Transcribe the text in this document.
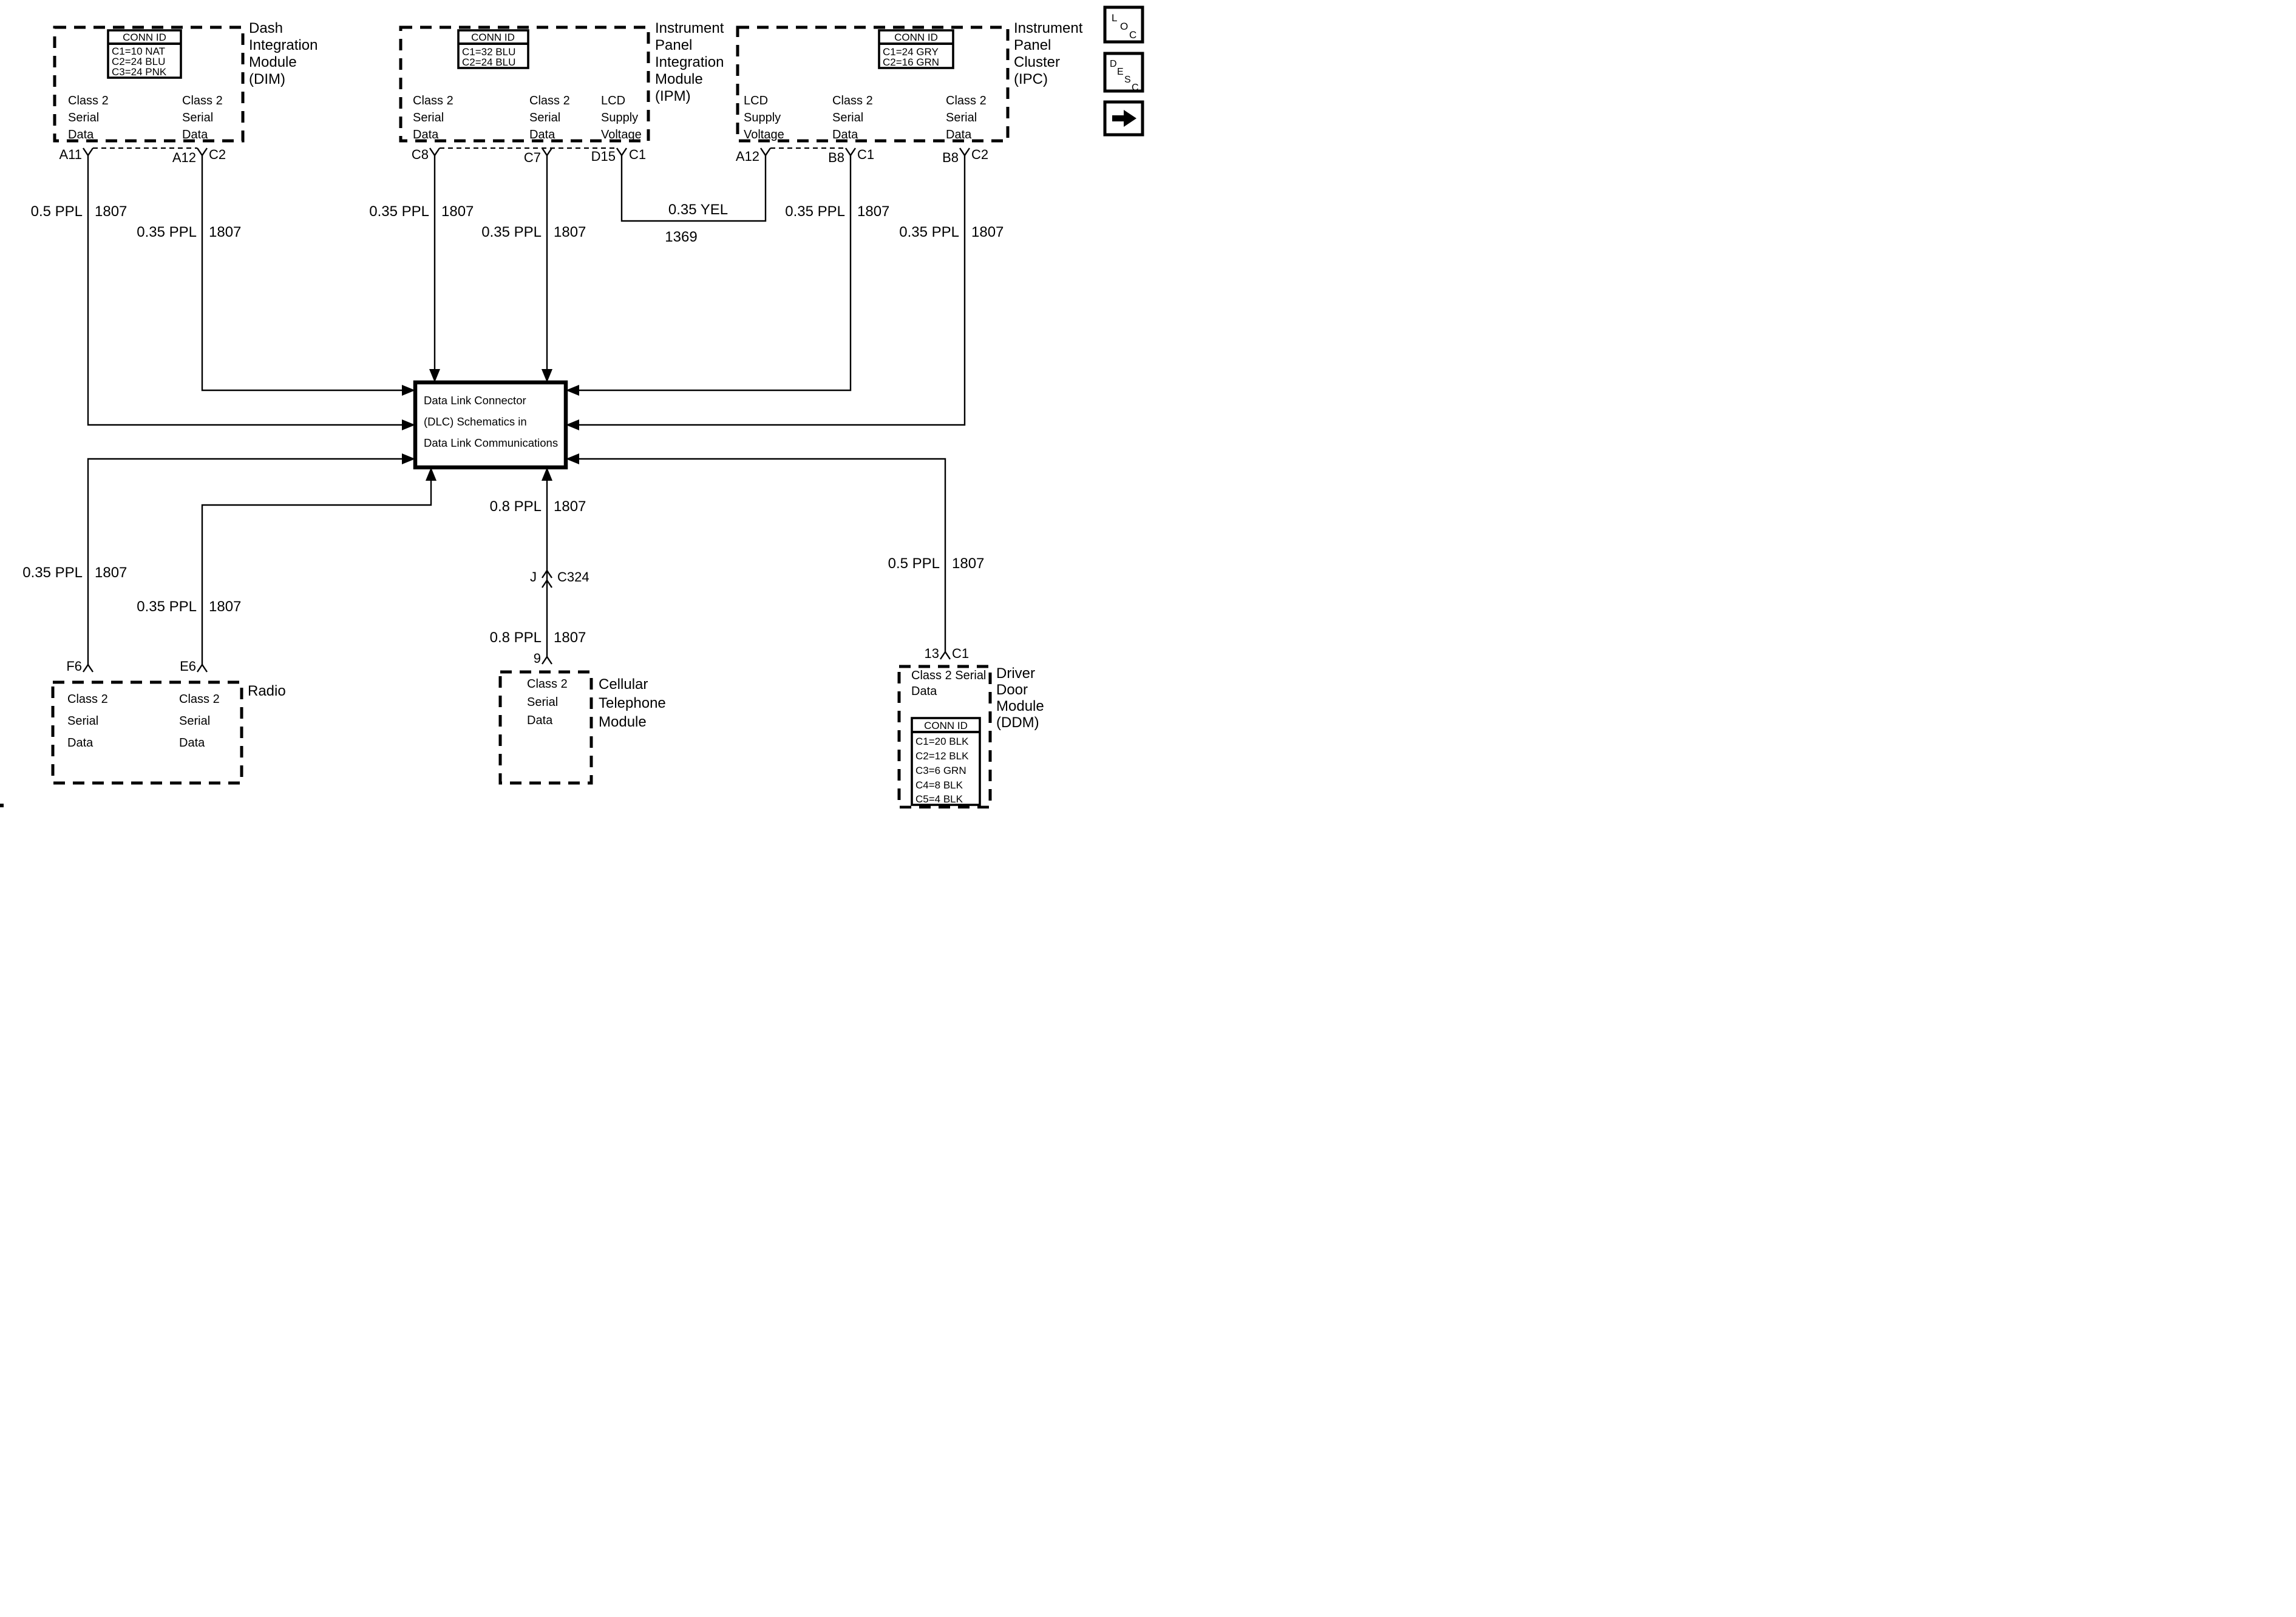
CONN ID
C1=10 NAT
C2=24 BLU
C3=24 PNK
Dash
Integration
Module
(DIM)
Class 2
Serial
Data
Class 2
Serial
Data
A11	A12 C2
CONN ID
C1=32 BLU
C2=24 BLU
Instrument
Panel
Integration
Module
(IPM)
Class 2
Serial
Data
Class 2
Serial
Data
LCD
Supply
Voltage
C8	C7	D15 C1
CONN ID
C1=24 GRY
C2=16 GRN
Instrument
Panel
Cluster
(IPC)
LCD
Supply
Voltage
Class 2
Serial
Data
Class 2
Serial
Data
A12	B8 C1	B8 C2
0.5 PPL 1807
0.35 PPL 1807
0.35 PPL 1807
0.35 PPL 1807
0.35 YEL
1369
0.35 PPL 1807
0.35 PPL 1807
Data Link Connector
(DLC) Schematics in
Data Link Communications
0.35 PPL 1807
0.35 PPL 1807
0.8 PPL 1807
0.8 PPL 1807
0.5 PPL 1807
J C324
F6	E6
Radio
Class 2
Serial
Data
Class 2
Serial
Data
9
Cellular
Telephone
Module
Class 2
Serial
Data
13 C1
Driver
Door
Module
(DDM)
Class 2 Serial
Data
CONN ID
C1=20 BLK
C2=12 BLK
C3=6 GRN
C4=8 BLK
C5=4 BLK
L
O
C
D
E
S
C
